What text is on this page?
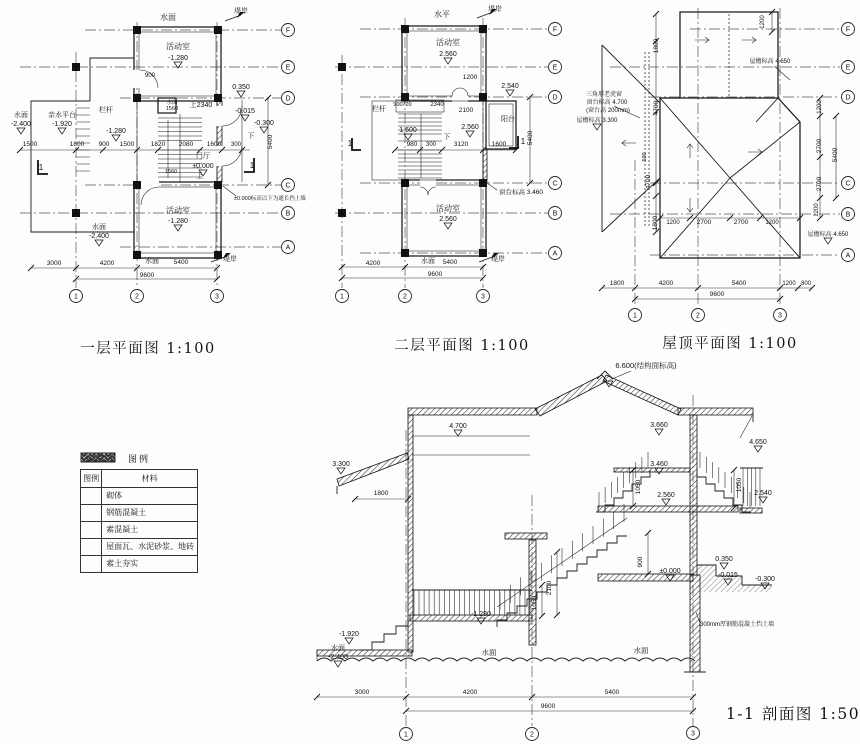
水面
堤岸
活动室
-1.280
900
0.350
-0.015
-0.300
下
水面
1560 上2340
栏杆
-1.280
水面
-2.400
亲水平台
-1.920
1500	1800 900 1500	1820 2080 1600 300	5400
门厅
±0.000
1560
上
1	1
±0.000标高以下为通长挡土墙
活动室
-1.280
水面
-2.400
3000	4200	水面 5400	堤岸
9600
1	2	3
F
E
D
C
B
A
水平
堤岸
活动室
2.560
1200
2.540
阳台
栏杆
900 720	2340
2100
1.600	2.560
下
980 300	3120	1600	5400
1	1
窗台标高 3.460
活动室
2.560
4200	水面 5400	堤岸
9600
1	2	3
F
E
D
C
B
A
1200
1800
4700
4700
1800
500
三角形老虎窗
窗台标高 4.700
(窗台高 200mm)
屋檐标高 3.300
屋檐标高 4.650
屋檐标高 4.650
1200	2700	2700	1200
1200
2700
2700
1200
5400
1800	4200	5400	1200 800
9600
1	2	3
F
E
D
C
B
A
6.600(结构面标高)
4.700
3.300
1800
3.660
4.650
3.460
1050	1050
2.560	2.540
2100
1050
-1.280
-1.920
水面
-2.400
水面	水面
900
±0.000
0.350
-0.015
-0.300
300mm厚钢筋混凝土挡土墙
3000	4200	5400
9600
1	2	3
一层平面图 1:100	二层平面图 1:100	屋顶平面图 1:100
1-1 剖面图 1:50
图例
图例	材料

	砌体

	钢筋混凝土

	素混凝土

	屋面瓦、水泥砂浆、地砖

	素土夯实
